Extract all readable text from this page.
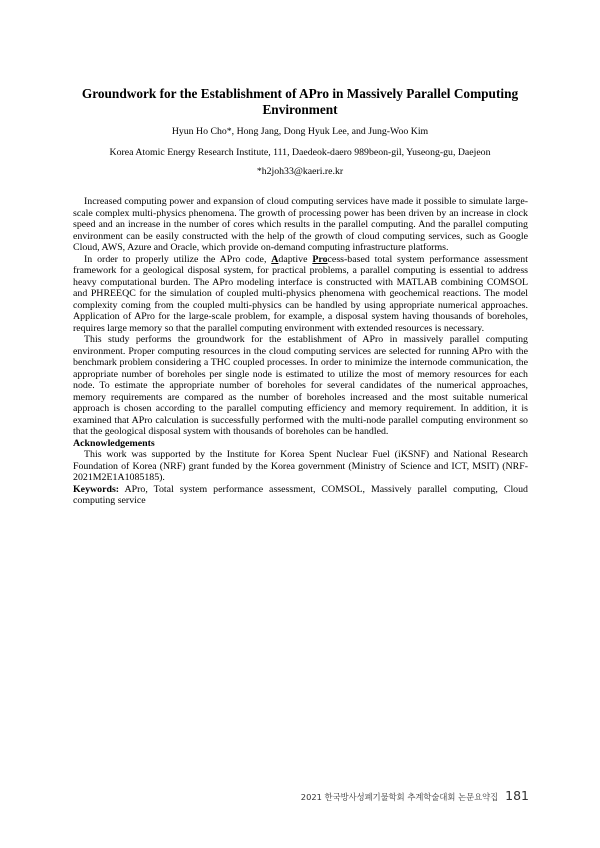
Groundwork for the Establishment of APro in Massively Parallel Computing Environment
Hyun Ho Cho*, Hong Jang, Dong Hyuk Lee, and Jung-Woo Kim
Korea Atomic Energy Research Institute, 111, Daedeok-daero 989beon-gil, Yuseong-gu, Daejeon
*h2joh33@kaeri.re.kr

Increased computing power and expansion of cloud computing services have made it possible to simulate large-scale complex multi-physics phenomena. The growth of processing power has been driven by an increase in clock speed and an increase in the number of cores which results in the parallel computing. And the parallel computing environment can be easily constructed with the help of the growth of cloud computing services, such as Google Cloud, AWS, Azure and Oracle, which provide on-demand computing infrastructure platforms.

In order to properly utilize the APro code, Adaptive Process-based total system performance assessment framework for a geological disposal system, for practical problems, a parallel computing is essential to address heavy computational burden. The APro modeling interface is constructed with MATLAB combining COMSOL and PHREEQC for the simulation of coupled multi-physics phenomena with geochemical reactions. The model complexity coming from the coupled multi-physics can be handled by using appropriate numerical approaches. Application of APro for the large-scale problem, for example, a disposal system having thousands of boreholes, requires large memory so that the parallel computing environment with extended resources is necessary.

This study performs the groundwork for the establishment of APro in massively parallel computing environment. Proper computing resources in the cloud computing services are selected for running APro with the benchmark problem considering a THC coupled processes. In order to minimize the internode communication, the appropriate number of boreholes per single node is estimated to utilize the most of memory resources for each node. To estimate the appropriate number of boreholes for several candidates of the numerical approaches, memory requirements are compared as the number of boreholes increased and the most suitable numerical approach is chosen according to the parallel computing efficiency and memory requirement. In addition, it is examined that APro calculation is successfully performed with the multi-node parallel computing environment so that the geological disposal system with thousands of boreholes can be handled.

Acknowledgements

This work was supported by the Institute for Korea Spent Nuclear Fuel (iKSNF) and National Research Foundation of Korea (NRF) grant funded by the Korea government (Ministry of Science and ICT, MSIT) (NRF-2021M2E1A1085185).

Keywords: APro, Total system performance assessment, COMSOL, Massively parallel computing, Cloud computing service

2021 한국방사성폐기물학회 추계학술대회 논문요약집 181
